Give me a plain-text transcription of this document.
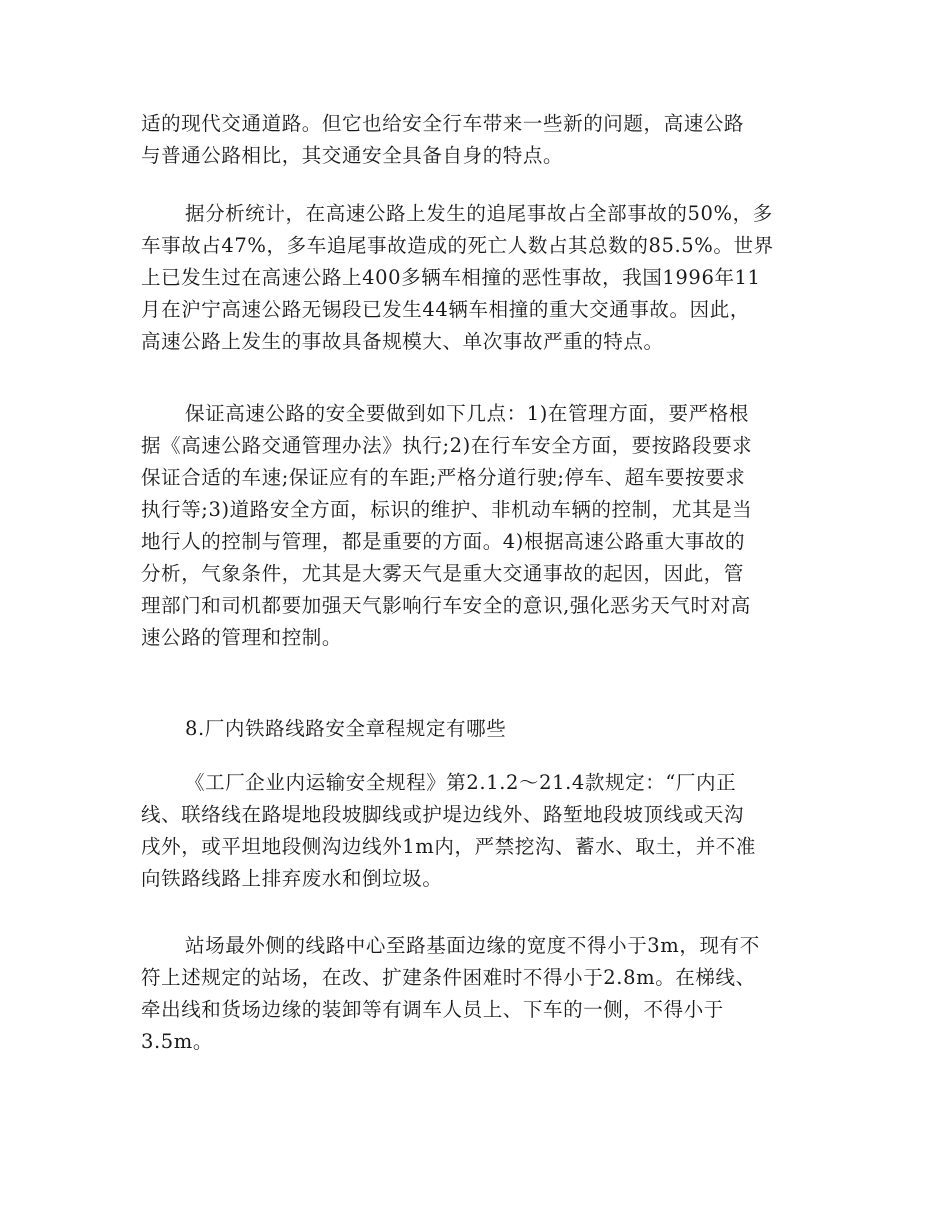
适的现代交通道路。但它也给安全行车带来一些新的问题，高速公路
与普通公路相比，其交通安全具备自身的特点。
据分析统计，在高速公路上发生的追尾事故占全部事故的50%，多
车事故占47%，多车追尾事故造成的死亡人数占其总数的85.5%。世界
上已发生过在高速公路上400多辆车相撞的恶性事故，我国1996年11
月在沪宁高速公路无锡段已发生44辆车相撞的重大交通事故。因此，
高速公路上发生的事故具备规模大、单次事故严重的特点。
保证高速公路的安全要做到如下几点：1)在管理方面，要严格根
据《高速公路交通管理办法》执行;2)在行车安全方面，要按路段要求
保证合适的车速;保证应有的车距;严格分道行驶;停车、超车要按要求
执行等;3)道路安全方面，标识的维护、非机动车辆的控制，尤其是当
地行人的控制与管理，都是重要的方面。4)根据高速公路重大事故的
分析，气象条件，尤其是大雾天气是重大交通事故的起因，因此，管
理部门和司机都要加强天气影响行车安全的意识,强化恶劣天气时对高
速公路的管理和控制。
8.厂内铁路线路安全章程规定有哪些
《工厂企业内运输安全规程》第2.1.2～21.4款规定：“厂内正
线、联络线在路堤地段坡脚线或护堤边线外、路堑地段坡顶线或天沟
戌外，或平坦地段侧沟边线外1m内，严禁挖沟、蓄水、取土，并不准
向铁路线路上排弃废水和倒垃圾。
站场最外侧的线路中心至路基面边缘的宽度不得小于3m，现有不
符上述规定的站场，在改、扩建条件困难时不得小于2.8m。在梯线、
牵出线和货场边缘的装卸等有调车人员上、下车的一侧，不得小于
3.5m。
